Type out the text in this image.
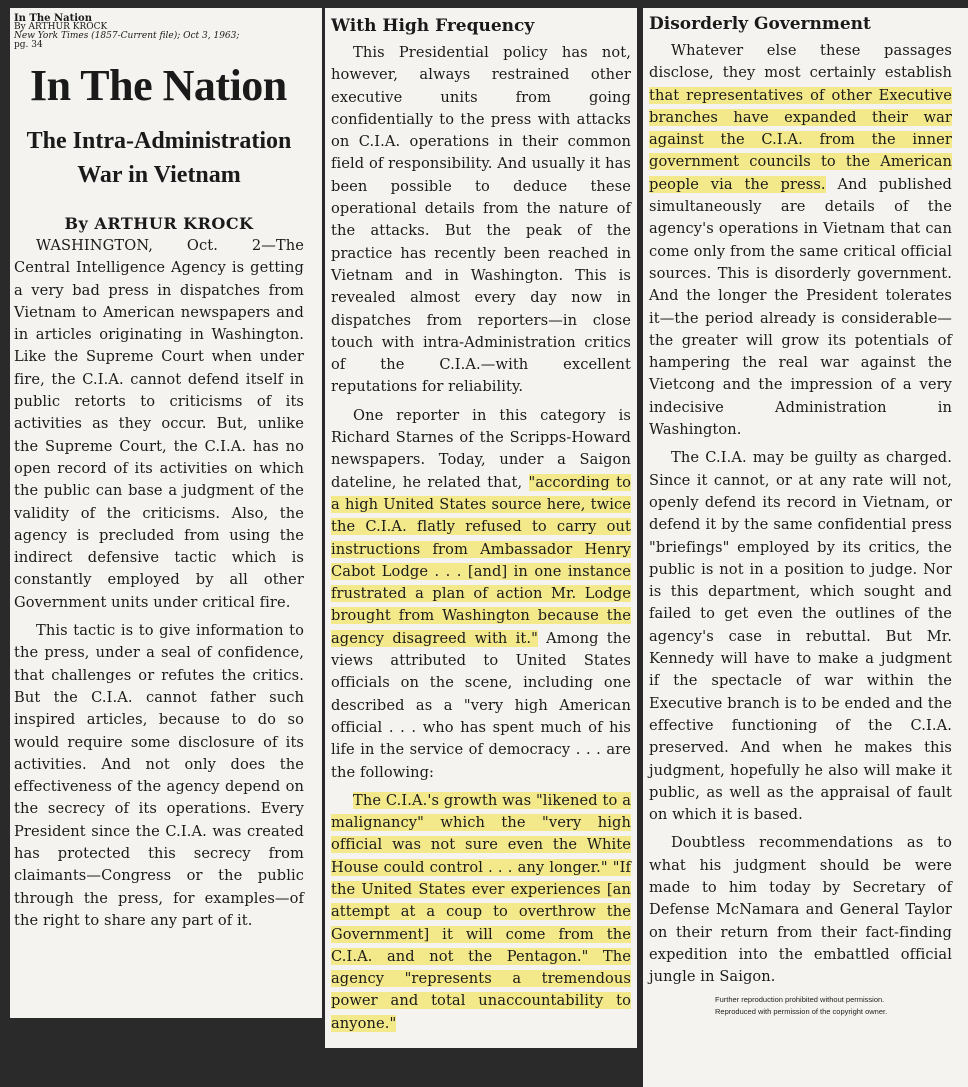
In The Nation
By ARTHUR KROCK
New York Times (1857-Current file); Oct 3, 1963;
pg. 34
In The Nation
The Intra-Administration
War in Vietnam
By ARTHUR KROCK

WASHINGTON, Oct. 2—The Central Intelligence Agency is getting a very bad press in dispatches from Vietnam to American newspapers and in articles originating in Washington. Like the Supreme Court when under fire, the C.I.A. cannot defend itself in public retorts to criticisms of its activities as they occur. But, unlike the Supreme Court, the C.I.A. has no open record of its activities on which the public can base a judgment of the validity of the criticisms. Also, the agency is precluded from using the indirect defensive tactic which is constantly employed by all other Government units under critical fire.

This tactic is to give information to the press, under a seal of confidence, that challenges or refutes the critics. But the C.I.A. cannot father such inspired articles, because to do so would require some disclosure of its activities. And not only does the effectiveness of the agency depend on the secrecy of its operations. Every President since the C.I.A. was created has protected this secrecy from claimants—Congress or the public through the press, for examples—of the right to share any part of it.

With High Frequency

This Presidential policy has not, however, always restrained other executive units from going confidentially to the press with attacks on C.I.A. operations in their common field of responsibility. And usually it has been possible to deduce these operational details from the nature of the attacks. But the peak of the practice has recently been reached in Vietnam and in Washington. This is revealed almost every day now in dispatches from reporters—in close touch with intra-Administration critics of the C.I.A.—with excellent reputations for reliability.

One reporter in this category is Richard Starnes of the Scripps-Howard newspapers. Today, under a Saigon dateline, he related that, "according to a high United States source here, twice the C.I.A. flatly refused to carry out instructions from Ambassador Henry Cabot Lodge . . . [and] in one instance frustrated a plan of action Mr. Lodge brought from Washington because the agency disagreed with it." Among the views attributed to United States officials on the scene, including one described as a "very high American official . . . who has spent much of his life in the service of democracy . . . are the following:

The C.I.A.'s growth was "likened to a malignancy" which the "very high official was not sure even the White House could control . . . any longer." "If the United States ever experiences [an attempt at a coup to overthrow the Government] it will come from the C.I.A. and not the Pentagon." The agency "represents a tremendous power and total unaccountability to anyone."

Disorderly Government

Whatever else these passages disclose, they most certainly establish that representatives of other Executive branches have expanded their war against the C.I.A. from the inner government councils to the American people via the press. And published simultaneously are details of the agency's operations in Vietnam that can come only from the same critical official sources. This is disorderly government. And the longer the President tolerates it—the period already is considerable—the greater will grow its potentials of hampering the real war against the Vietcong and the impression of a very indecisive Administration in Washington.

The C.I.A. may be guilty as charged. Since it cannot, or at any rate will not, openly defend its record in Vietnam, or defend it by the same confidential press "briefings" employed by its critics, the public is not in a position to judge. Nor is this department, which sought and failed to get even the outlines of the agency's case in rebuttal. But Mr. Kennedy will have to make a judgment if the spectacle of war within the Executive branch is to be ended and the effective functioning of the C.I.A. preserved. And when he makes this judgment, hopefully he also will make it public, as well as the appraisal of fault on which it is based.

Doubtless recommendations as to what his judgment should be were made to him today by Secretary of Defense McNamara and General Taylor on their return from their fact-finding expedition into the embattled official jungle in Saigon.

Further reproduction prohibited without permission.
Reproduced with permission of the copyright owner.
